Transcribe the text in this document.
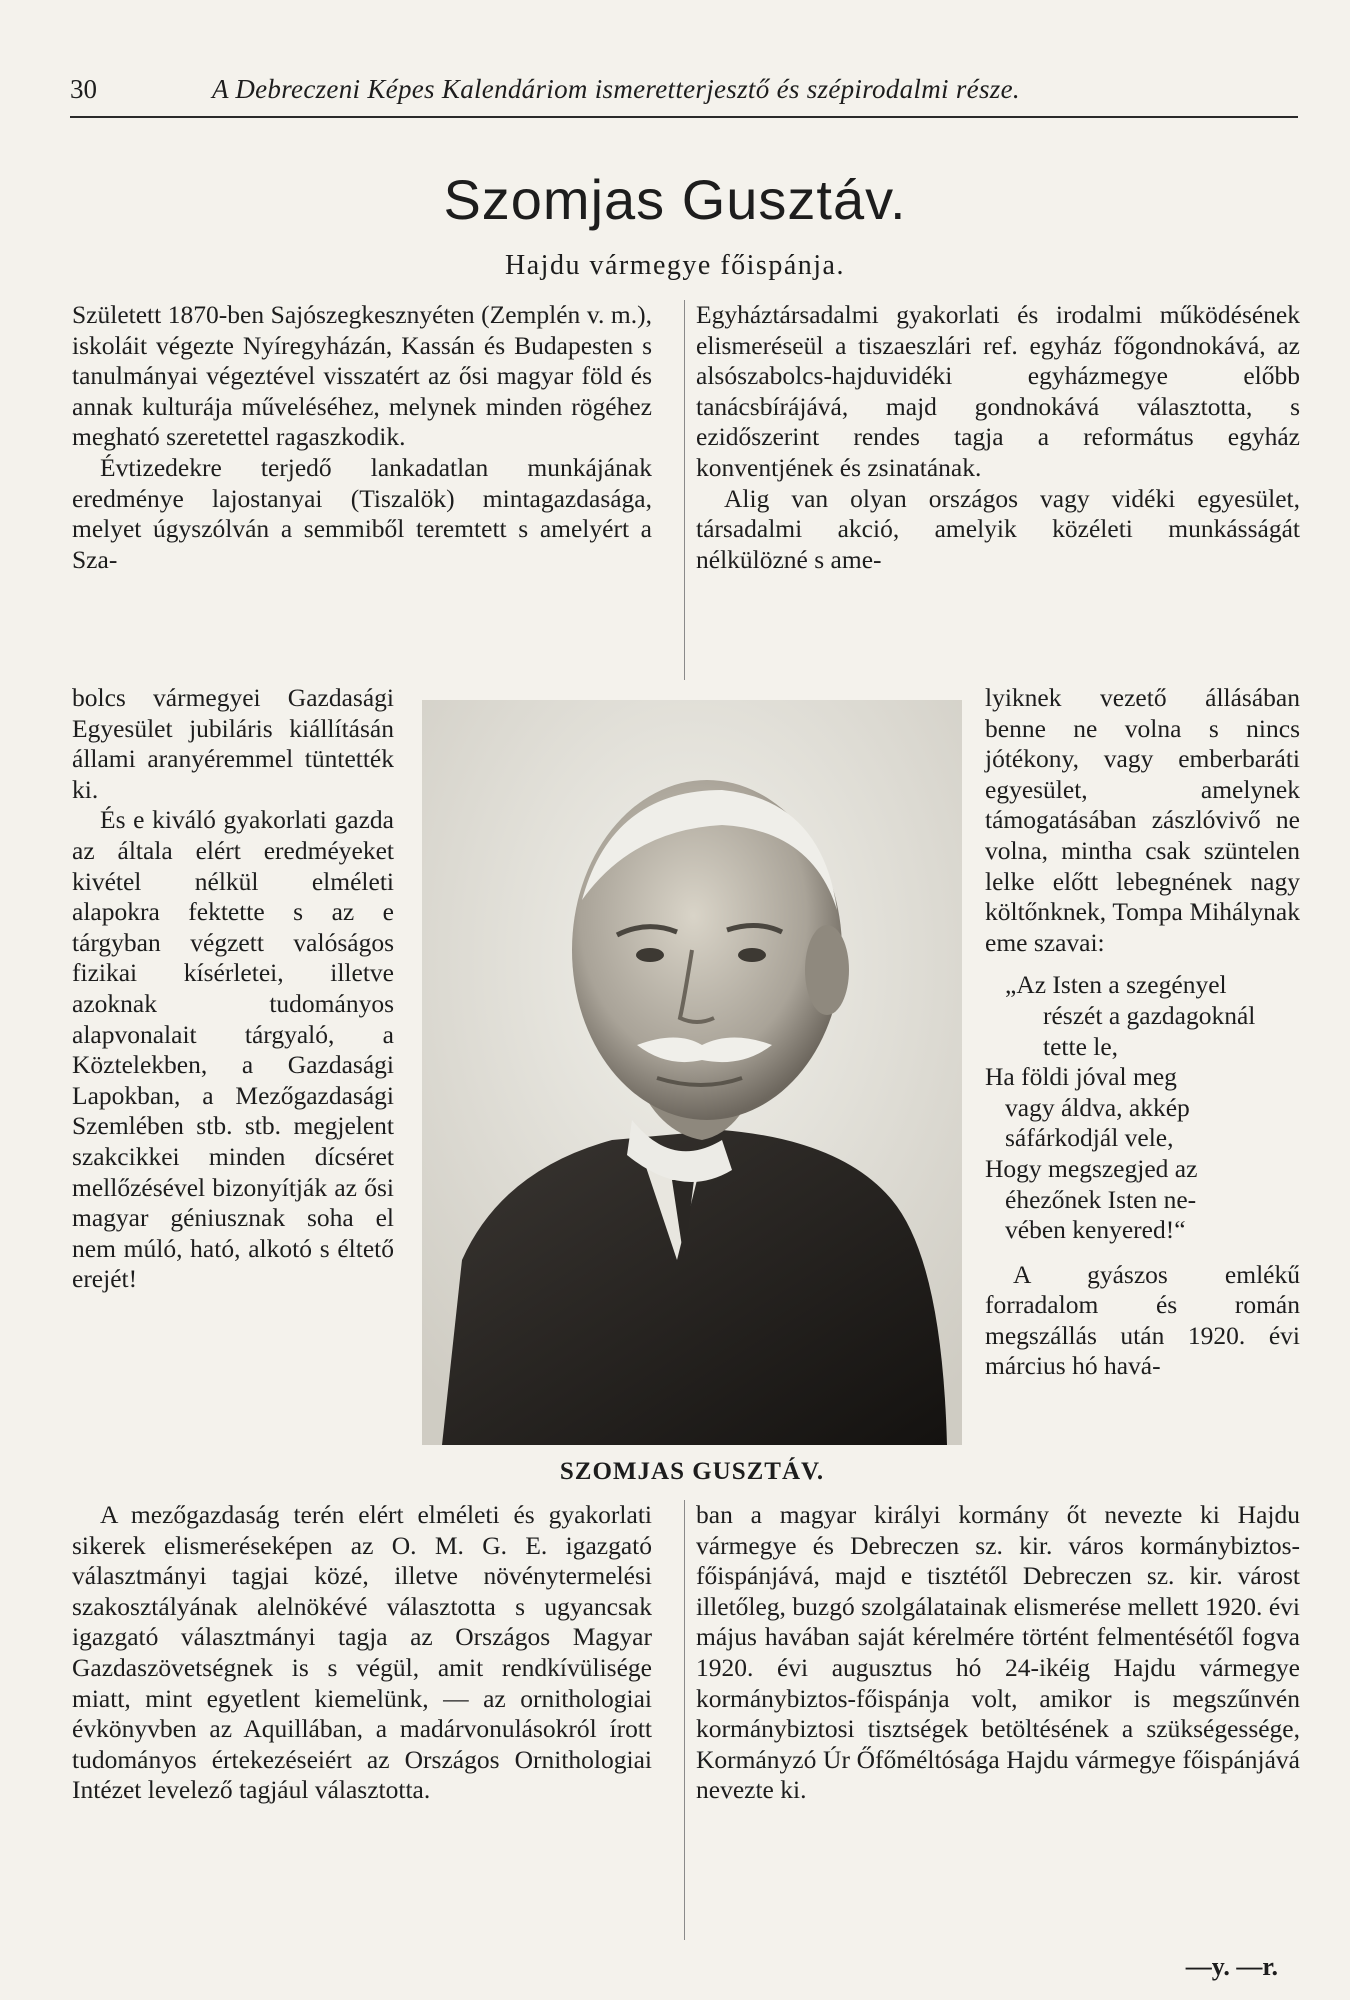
30	A Debreczeni Képes Kalendáriom ismeretterjesztő és szépirodalmi része.
Szomjas Gusztáv.
Hajdu vármegye főispánja.

Született 1870-ben Sajószegkesznyéten (Zemplén v. m.), iskoláit végezte Nyíregyházán, Kassán és Budapesten s tanulmányai végeztével visszatért az ősi magyar föld és annak kulturája műveléséhez, melynek minden rögéhez megható szeretettel ragaszkodik.

Évtizedekre terjedő lankadatlan munkájának eredménye lajostanyai (Tiszalök) mintagazdasága, melyet úgyszólván a semmiből teremtett s amelyért a Sza-

bolcs vármegyei Gazdasági Egyesület jubiláris kiállításán állami aranyéremmel tüntették ki.

És e kiváló gyakorlati gazda az általa elért eredméyeket kivétel nélkül elméleti alapokra fektette s az e tárgyban végzett valóságos fizikai kísérletei, illetve azoknak tudományos alapvonalait tárgyaló, a Köztelekben, a Gazdasági Lapokban, a Mezőgazdasági Szemlében stb. stb. megjelent szakcikkei minden dícséret mellőzésével bizonyítják az ősi magyar géniusznak soha el nem múló, ható, alkotó s éltető erejét!

A mezőgazdaság terén elért elméleti és gyakorlati sikerek elismeréseképen az O. M. G. E. igazgató választmányi tagjai közé, illetve növénytermelési szakosztályának alelnökévé választotta s ugyancsak igazgató választmányi tagja az Országos Magyar Gazdaszövetségnek is s végül, amit rendkívülisége miatt, mint egyetlent kiemelünk, — az ornithologiai évkönyvben az Aquillában, a madárvonulásokról írott tudományos értekezéseiért az Országos Ornithologiai Intézet levelező tagjául választotta.

Egyháztársadalmi gyakorlati és irodalmi működésének elismeréseül a tiszaeszlári ref. egyház főgondnokává, az alsószabolcs-hajduvidéki egyházmegye előbb tanácsbírájává, majd gondnokává választotta, s ezidőszerint rendes tagja a református egyház konventjének és zsinatának.

Alig van olyan országos vagy vidéki egyesület, társadalmi akció, amelyik közéleti munkásságát nélkülözné s ame-

lyiknek vezető állásában benne ne volna s nincs jótékony, vagy emberbaráti egyesület, amelynek támogatásában zászlóvivő ne volna, mintha csak szüntelen lelke előtt lebegnének nagy költőnknek, Tompa Mihálynak eme szavai:

„Az Isten a szegényel
részét a gazdagoknál
tette le,
Ha földi jóval meg
vagy áldva, akkép
sáfárkodjál vele,
Hogy megszegjed az
éhezőnek Isten ne-
vében kenyered!“

A gyászos emlékű forradalom és román megszállás után 1920. évi március hó havá-

ban a magyar királyi kormány őt nevezte ki Hajdu vármegye és Debreczen sz. kir. város kormánybiztos-főispánjává, majd e tisztétől Debreczen sz. kir. várost illetőleg, buzgó szolgálatainak elismerése mellett 1920. évi május havában saját kérelmére történt felmentésétől fogva 1920. évi augusztus hó 24-ikéig Hajdu vármegye kormánybiztos-főispánja volt, amikor is megszűnvén kormánybiztosi tisztségek betöltésének a szükségessége, Kormányzó Úr Őfőméltósága Hajdu vármegye főispánjává nevezte ki.

SZOMJAS GUSZTÁV.
—y. —r.
